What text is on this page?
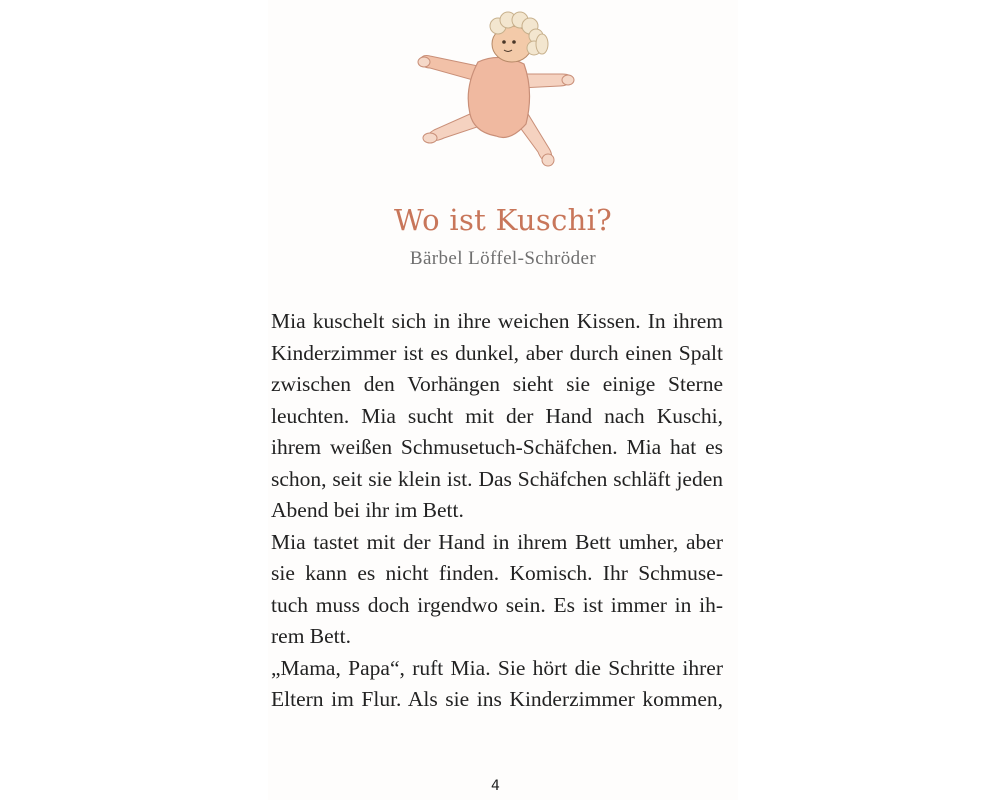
Wo ist Kuschi?
Bärbel Löffel-Schröder
Mia kuschelt sich in ihre weichen Kissen. In ihrem
Kinderzimmer ist es dunkel, aber durch einen Spalt
zwischen den Vorhängen sieht sie einige Sterne
leuchten. Mia sucht mit der Hand nach Kuschi,
ihrem weißen Schmusetuch-Schäfchen. Mia hat es
schon, seit sie klein ist. Das Schäfchen schläft jeden
Abend bei ihr im Bett.
Mia tastet mit der Hand in ihrem Bett umher, aber
sie kann es nicht finden. Komisch. Ihr Schmuse-
tuch muss doch irgendwo sein. Es ist immer in ih-
rem Bett.
„Mama, Papa“, ruft Mia. Sie hört die Schritte ihrer
Eltern im Flur. Als sie ins Kinderzimmer kommen,
4
